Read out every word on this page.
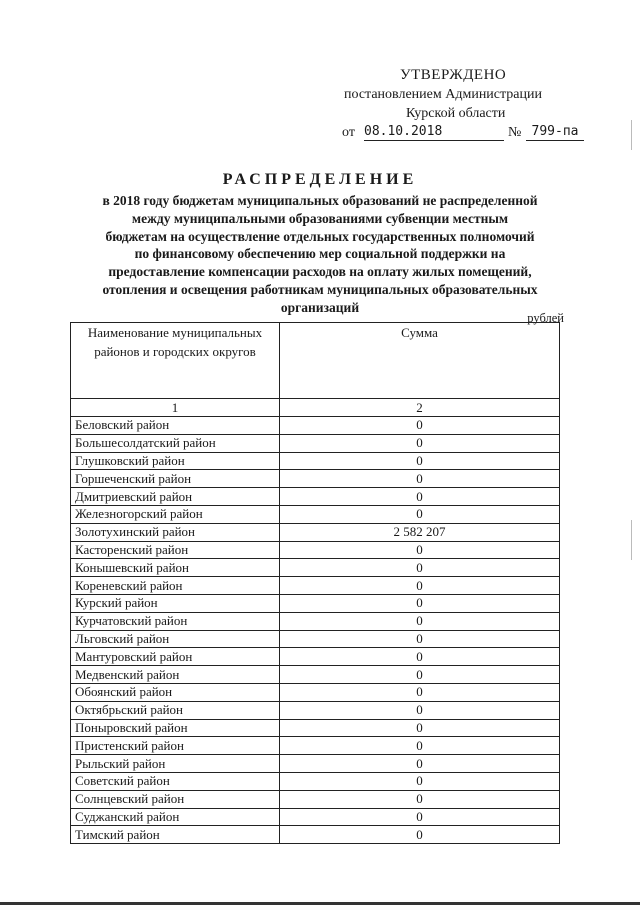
УТВЕРЖДЕНО
постановлением Администрации
Курской области
от 08.10.2018	№ 799-па
РАСПРЕДЕЛЕНИЕ
в 2018 году бюджетам муниципальных образований не распределенной
между муниципальными образованиями субвенции местным
бюджетам на осуществление отдельных государственных полномочий
по финансовому обеспечению мер социальной поддержки на
предоставление компенсации расходов на оплату жилых помещений,
отопления и освещения работникам муниципальных образовательных
организаций
рублей
Наименование муниципальных районов и городских округов	Сумма
1	2
Беловский район	0
Большесолдатский район	0
Глушковский район	0
Горшеченский район	0
Дмитриевский район	0
Железногорский район	0
Золотухинский район	2 582 207
Касторенский район	0
Конышевский район	0
Кореневский район	0
Курский район	0
Курчатовский район	0
Льговский район	0
Мантуровский район	0
Медвенский район	0
Обоянский район	0
Октябрьский район	0
Поныровский район	0
Пристенский район	0
Рыльский район	0
Советский район	0
Солнцевский район	0
Суджанский район	0
Тимский район	0
